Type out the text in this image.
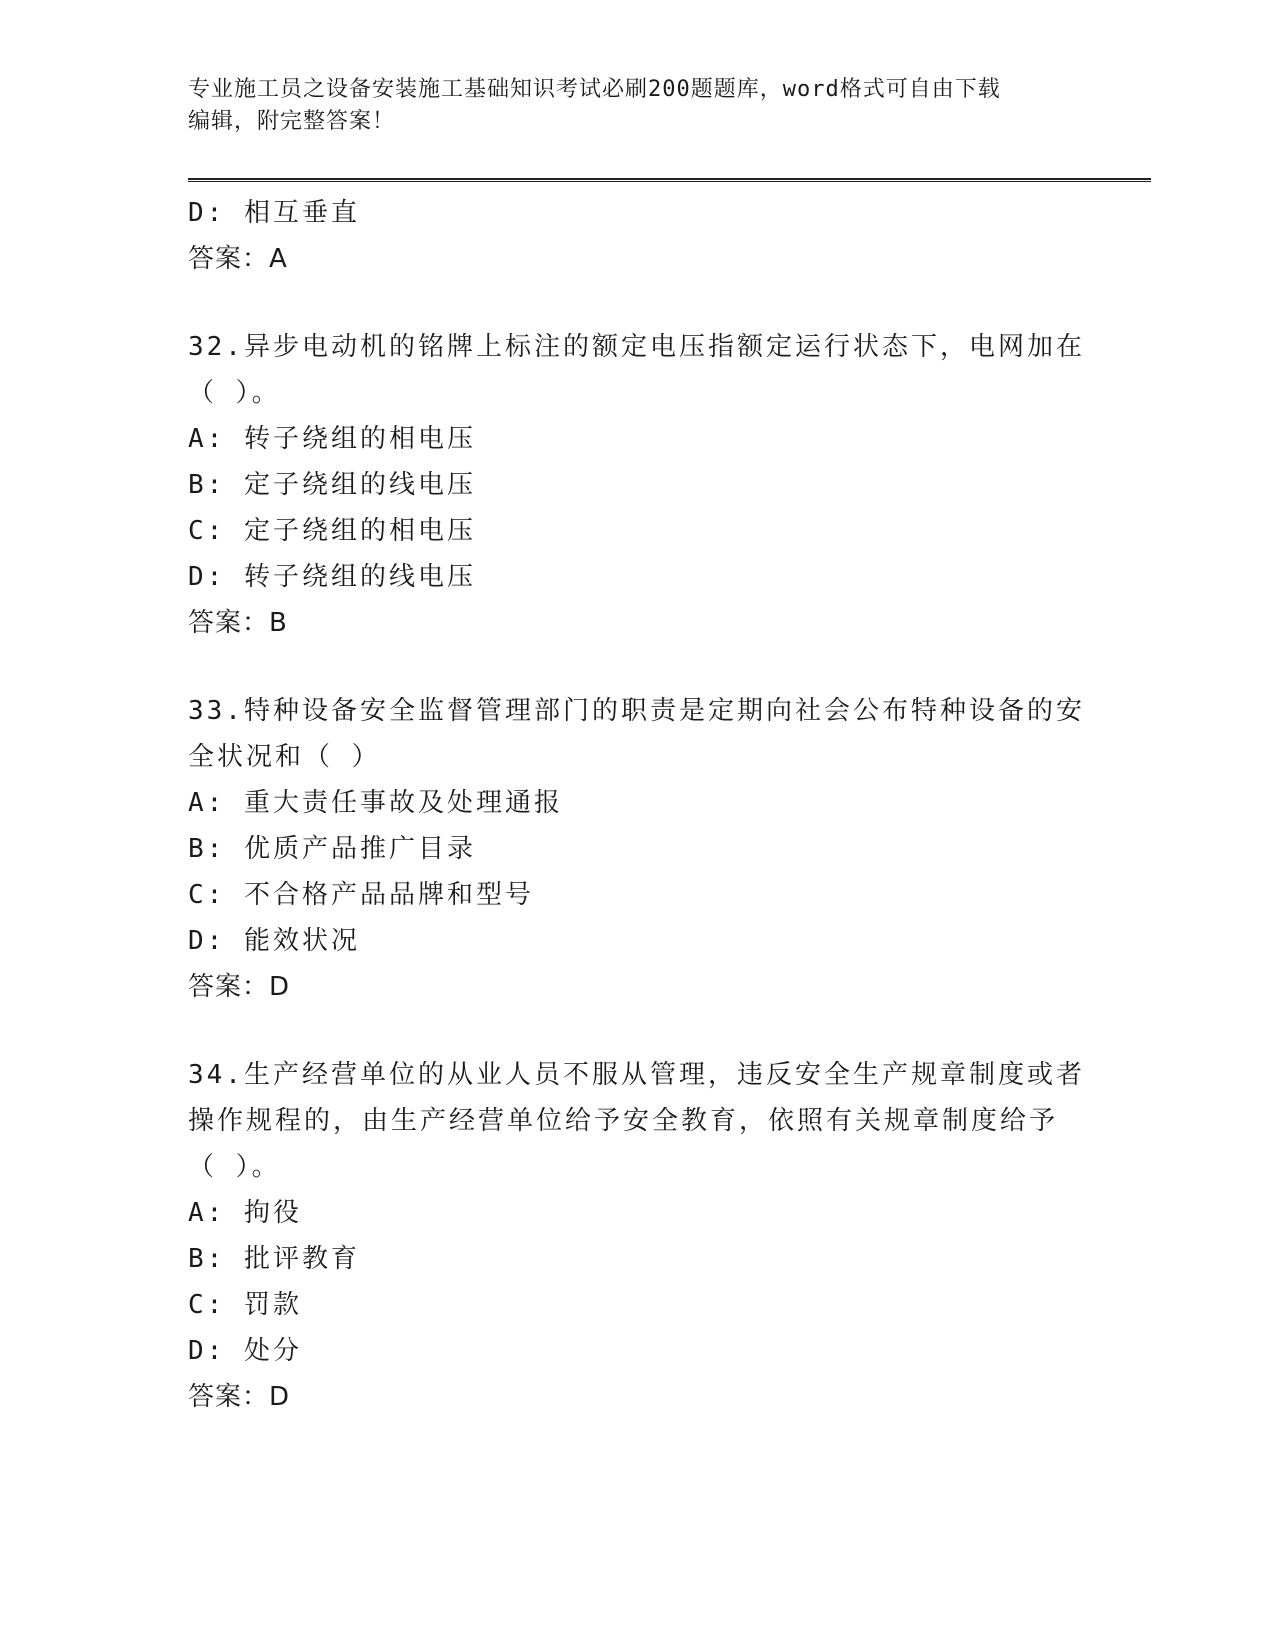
专业施工员之设备安装施工基础知识考试必刷200题题库，word格式可自由下载
编辑，附完整答案！
D: 相互垂直
答案：A
32.异步电动机的铭牌上标注的额定电压指额定运行状态下，电网加在
（ ）。
A: 转子绕组的相电压
B: 定子绕组的线电压
C: 定子绕组的相电压
D: 转子绕组的线电压
答案：B
33.特种设备安全监督管理部门的职责是定期向社会公布特种设备的安
全状况和（ ）
A: 重大责任事故及处理通报
B: 优质产品推广目录
C: 不合格产品品牌和型号
D: 能效状况
答案：D
34.生产经营单位的从业人员不服从管理，违反安全生产规章制度或者
操作规程的，由生产经营单位给予安全教育，依照有关规章制度给予
（ ）。
A: 拘役
B: 批评教育
C: 罚款
D: 处分
答案：D
